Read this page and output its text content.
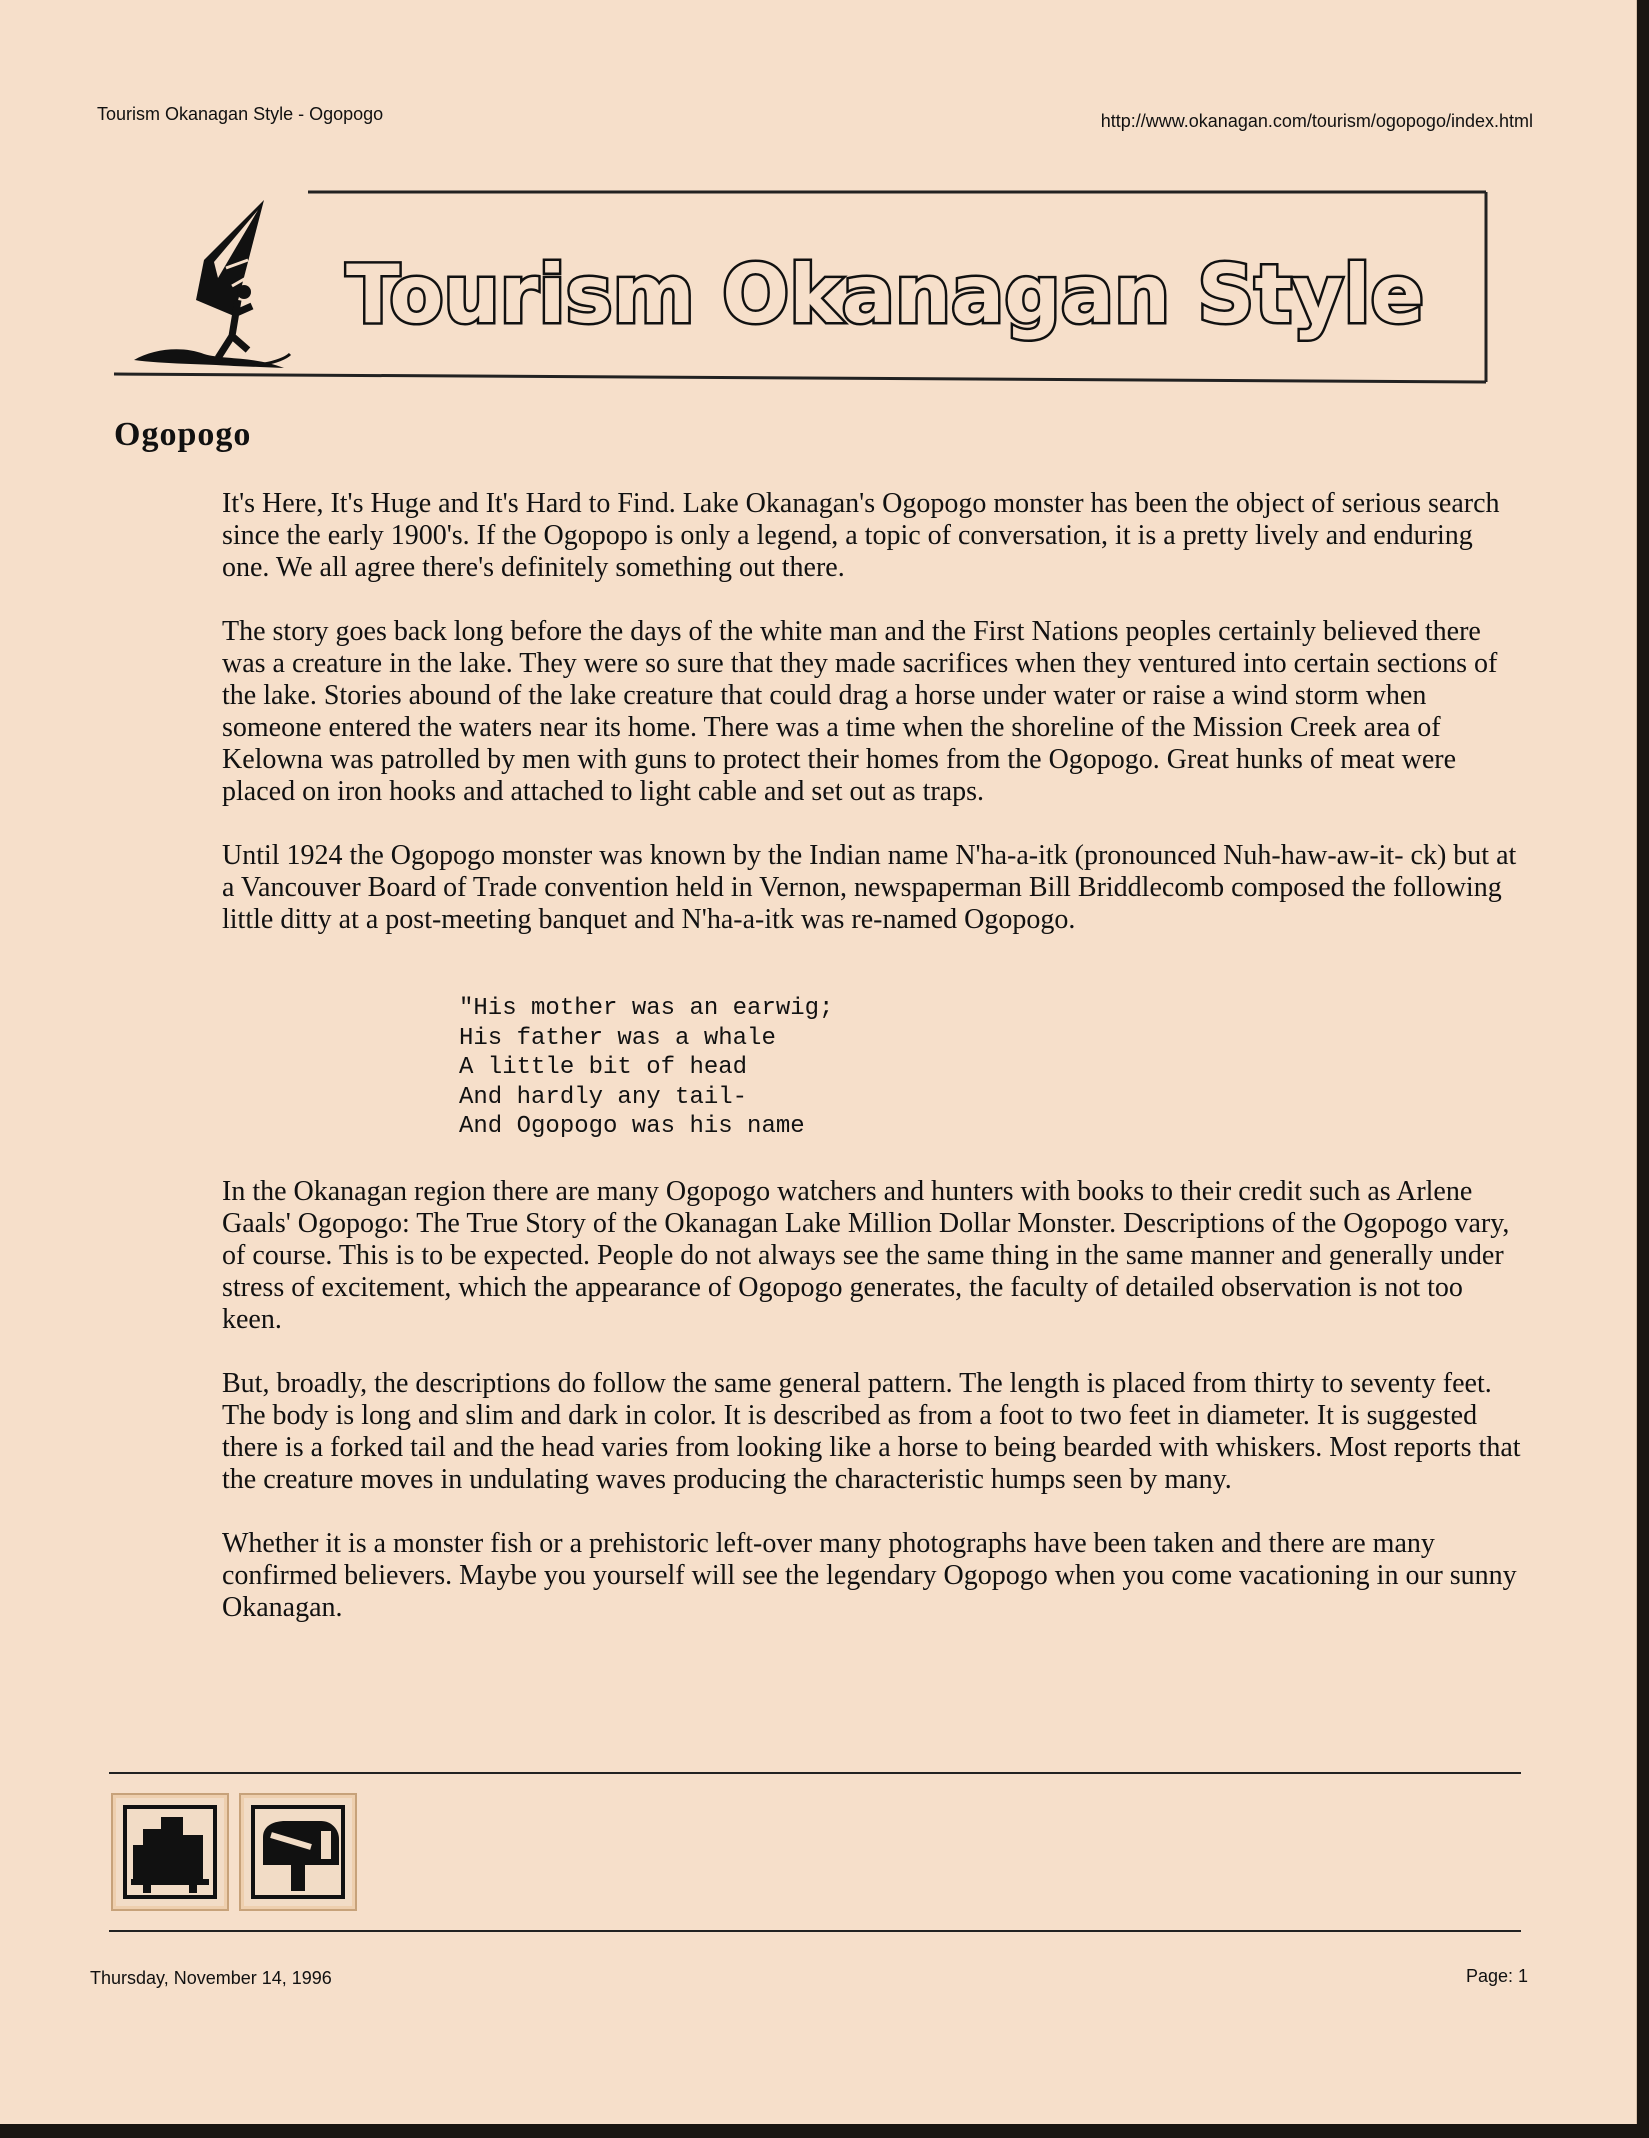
Tourism Okanagan Style - Ogopogo	http://www.okanagan.com/tourism/ogopogo/index.html
Tourism Okanagan Style
Ogopogo

It's Here, It's Huge and It's Hard to Find. Lake Okanagan's Ogopogo monster has been the object of serious search since the early 1900's. If the Ogopopo is only a legend, a topic of conversation, it is a pretty lively and enduring one. We all agree there's definitely something out there.

The story goes back long before the days of the white man and the First Nations peoples certainly believed there was a creature in the lake. They were so sure that they made sacrifices when they ventured into certain sections of the lake. Stories abound of the lake creature that could drag a horse under water or raise a wind storm when someone entered the waters near its home. There was a time when the shoreline of the Mission Creek area of Kelowna was patrolled by men with guns to protect their homes from the Ogopogo. Great hunks of meat were placed on iron hooks and attached to light cable and set out as traps.

Until 1924 the Ogopogo monster was known by the Indian name N'ha-a-itk (pronounced Nuh-haw-aw-it- ck) but at a Vancouver Board of Trade convention held in Vernon, newspaperman Bill Briddlecomb composed the following little ditty at a post-meeting banquet and N'ha-a-itk was re-named Ogopogo.

"His mother was an earwig;
His father was a whale
A little bit of head
And hardly any tail-
And Ogopogo was his name

In the Okanagan region there are many Ogopogo watchers and hunters with books to their credit such as Arlene Gaals' Ogopogo: The True Story of the Okanagan Lake Million Dollar Monster. Descriptions of the Ogopogo vary, of course. This is to be expected. People do not always see the same thing in the same manner and generally under stress of excitement, which the appearance of Ogopogo generates, the faculty of detailed observation is not too keen.

But, broadly, the descriptions do follow the same general pattern. The length is placed from thirty to seventy feet. The body is long and slim and dark in color. It is described as from a foot to two feet in diameter. It is suggested there is a forked tail and the head varies from looking like a horse to being bearded with whiskers. Most reports that the creature moves in undulating waves producing the characteristic humps seen by many.

Whether it is a monster fish or a prehistoric left-over many photographs have been taken and there are many confirmed believers. Maybe you yourself will see the legendary Ogopogo when you come vacationing in our sunny Okanagan.

Thursday, November 14, 1996	Page: 1
